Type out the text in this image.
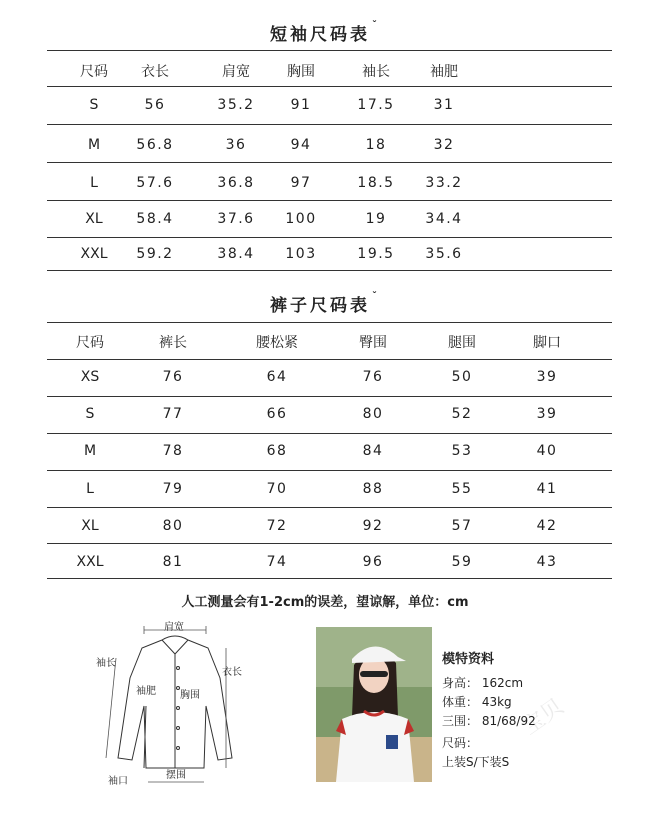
短袖尺码表 $^ˇ$
尺码 衣长	肩宽	胸围	袖长	袖肥
S	56	35.2	91	17.5	31
M	56.8	36	94	18	32
L	57.6	36.8	97	18.5 33.2
XL 58.4	37.6 100	19	34.4
XXL 59.2	38.4 103	19.5 35.6
裤子尺码表 $^ˇ$
尺码	裤长	腰松紧	臀围	腿围	脚口
XS	76	64	76	50	39
S	77	66	80	52	39
M	78	68	84	53	40
L	79	70	88	55	41
XL	80	72	92	57	42
XXL	81	74	96	59	43
人工测量会有1-2cm的误差，望谅解，单位：cm
肩宽
袖长
衣长
袖肥 胸围
袖口
摆围
模特资料
身高： 162cm
体重： 43kg
三围： 81/68/92
尺码：
上装S/下装S
宝贝
